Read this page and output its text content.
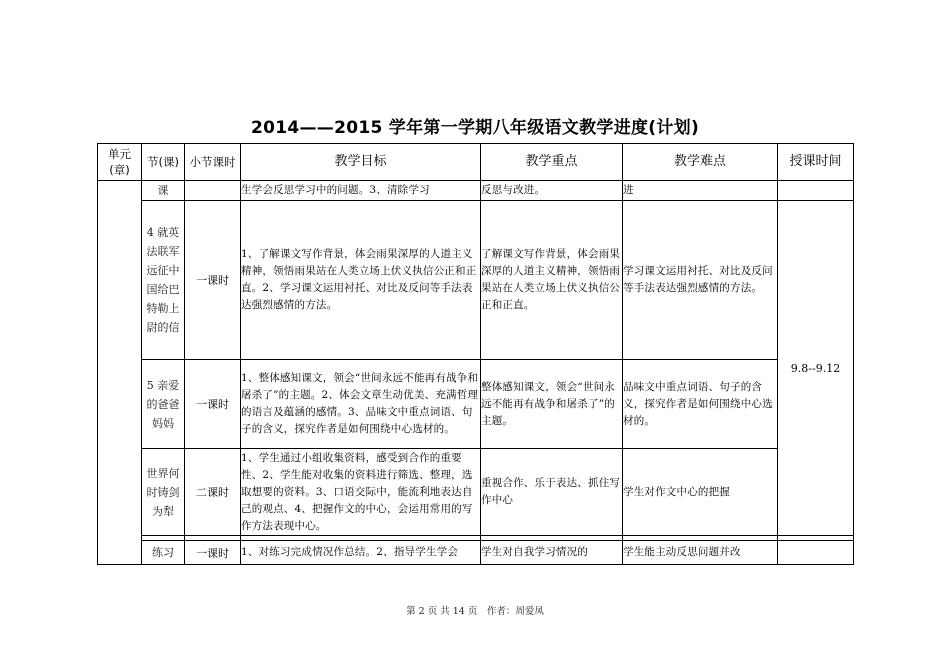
2014——2015 学年第一学期八年级语文教学进度(计划)
单元(章)	节(课)	小节课时	教学目标	教学重点	教学难点	授课时间
	课		生学会反思学习中的问题。3、清除学习	反思与改进。	进	
	4 就英法联军远征中国给巴特勒上尉的信	一课时	1、了解课文写作背景，体会雨果深厚的人道主义精神，领悟雨果站在人类立场上伏义执信公正和正直。2、学习课文运用衬托、对比及反问等手法表达强烈感情的方法。	了解课文写作背景，体会雨果深厚的人道主义精神，领悟雨果站在人类立场上伏义执信公正和正直。	学习课文运用衬托、对比及反问等手法表达强烈感情的方法。	9.8--9.12
	5 亲爱的爸爸妈妈	一课时	1、整体感知课文，领会“世间永远不能再有战争和屠杀了”的主题。2、体会文章生动优美、充满哲理的语言及蕴涵的感情。3、品味文中重点词语、句子的含义，探究作者是如何围绕中心选材的。	整体感知课文，领会“世间永远不能再有战争和屠杀了”的主题。	品味文中重点词语、句子的含义，探究作者是如何围绕中心选材的。	
	世界何时铸剑为犁	二课时	1、学生通过小组收集资料，感受到合作的重要性、2、学生能对收集的资料进行筛选、整理，选取想要的资料。3、口语交际中，能流利地表达自己的观点、4、把握作文的中心，会运用常用的写作方法表现中心。	重视合作、乐于表达、抓住写作中心	学生对作文中心的把握	

	练习	一课时	1、对练习完成情况作总结。2、指导学生学会	学生对自我学习情况的	学生能主动反思问题并改	
第 2 页 共 14 页　作者：周爱凤
